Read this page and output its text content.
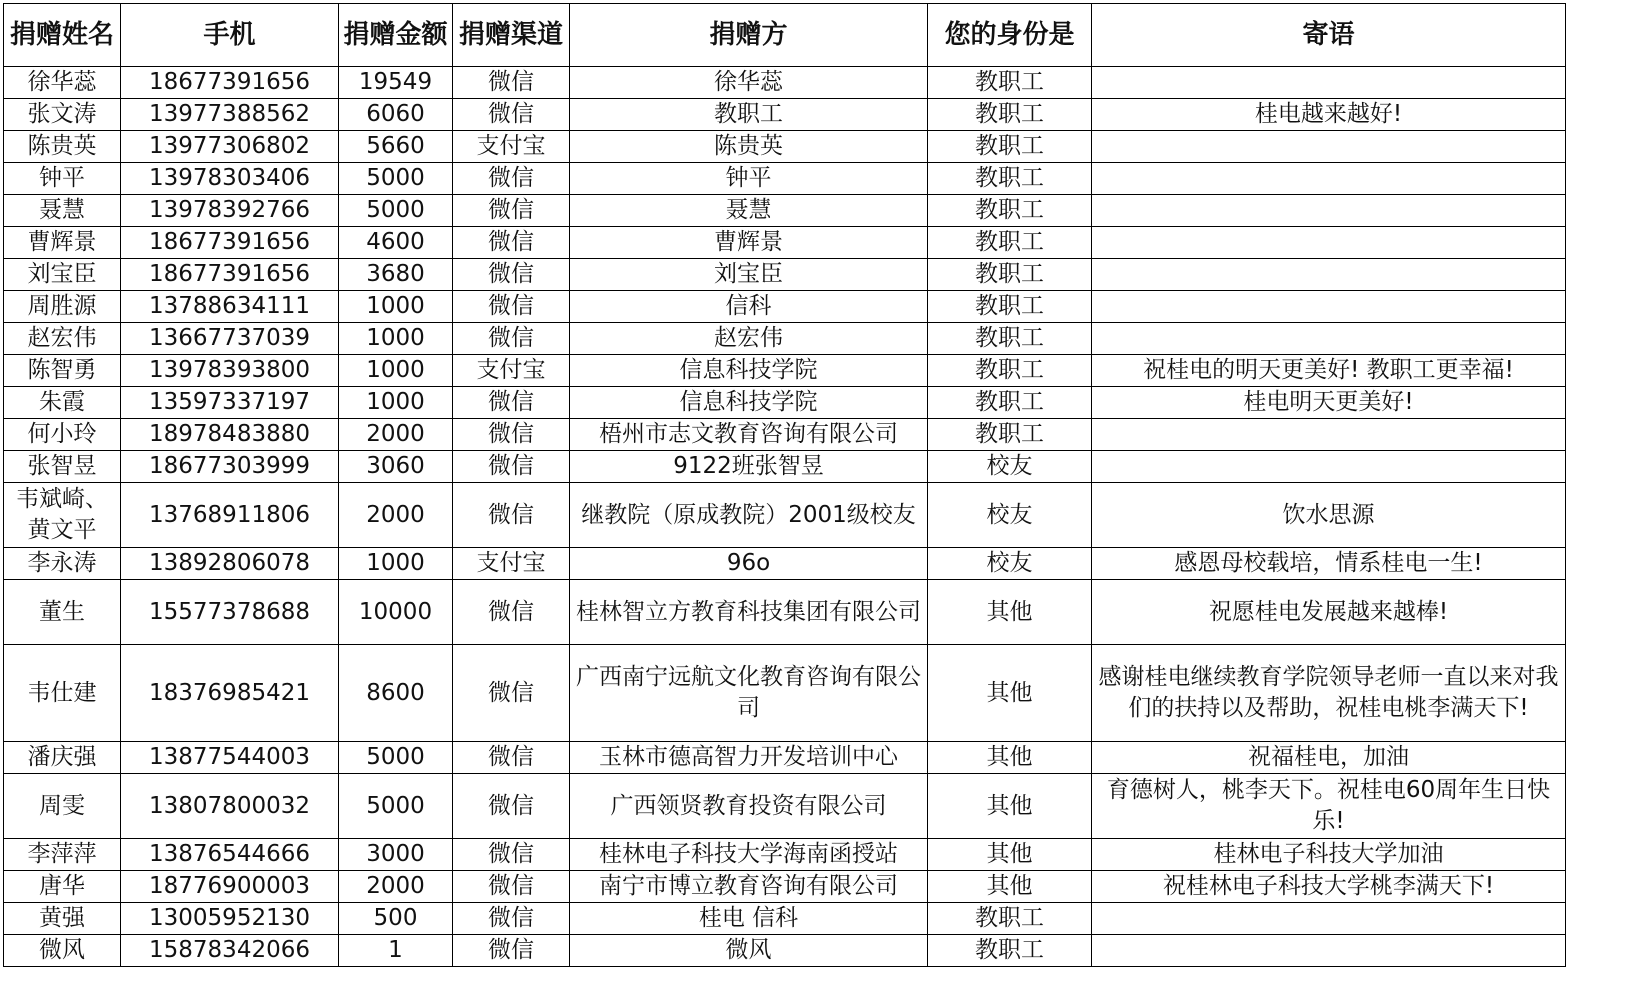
捐赠姓名	手机	捐赠金额	捐赠渠道	捐赠方	您的身份是	寄语
徐华蕊	18677391656	19549	微信	徐华蕊	教职工	
张文涛	13977388562	6060	微信	教职工	教职工	桂电越来越好!
陈贵英	13977306802	5660	支付宝	陈贵英	教职工	
钟平	13978303406	5000	微信	钟平	教职工	
聂慧	13978392766	5000	微信	聂慧	教职工	
曹辉景	18677391656	4600	微信	曹辉景	教职工	
刘宝臣	18677391656	3680	微信	刘宝臣	教职工	
周胜源	13788634111	1000	微信	信科	教职工	
赵宏伟	13667737039	1000	微信	赵宏伟	教职工	
陈智勇	13978393800	1000	支付宝	信息科技学院	教职工	祝桂电的明天更美好! 教职工更幸福!
朱霞	13597337197	1000	微信	信息科技学院	教职工	桂电明天更美好!
何小玲	18978483880	2000	微信	梧州市志文教育咨询有限公司	教职工	
张智昱	18677303999	3060	微信	9122班张智昱	校友	
韦斌崎、黄文平	13768911806	2000	微信	继教院（原成教院）2001级校友	校友	饮水思源
李永涛	13892806078	1000	支付宝	96o	校友	感恩母校载培，情系桂电一生!
董生	15577378688	10000	微信	桂林智立方教育科技集团有限公司	其他	祝愿桂电发展越来越棒!
韦仕建	18376985421	8600	微信	广西南宁远航文化教育咨询有限公司	其他	感谢桂电继续教育学院领导老师一直以来对我们的扶持以及帮助，祝桂电桃李满天下!
潘庆强	13877544003	5000	微信	玉林市德高智力开发培训中心	其他	祝福桂电，加油
周雯	13807800032	5000	微信	广西领贤教育投资有限公司	其他	育德树人，桃李天下。祝桂电60周年生日快乐!
李萍萍	13876544666	3000	微信	桂林电子科技大学海南函授站	其他	桂林电子科技大学加油
唐华	18776900003	2000	微信	南宁市博立教育咨询有限公司	其他	祝桂林电子科技大学桃李满天下!
黄强	13005952130	500	微信	桂电 信科	教职工	
微风	15878342066	1	微信	微风	教职工	
